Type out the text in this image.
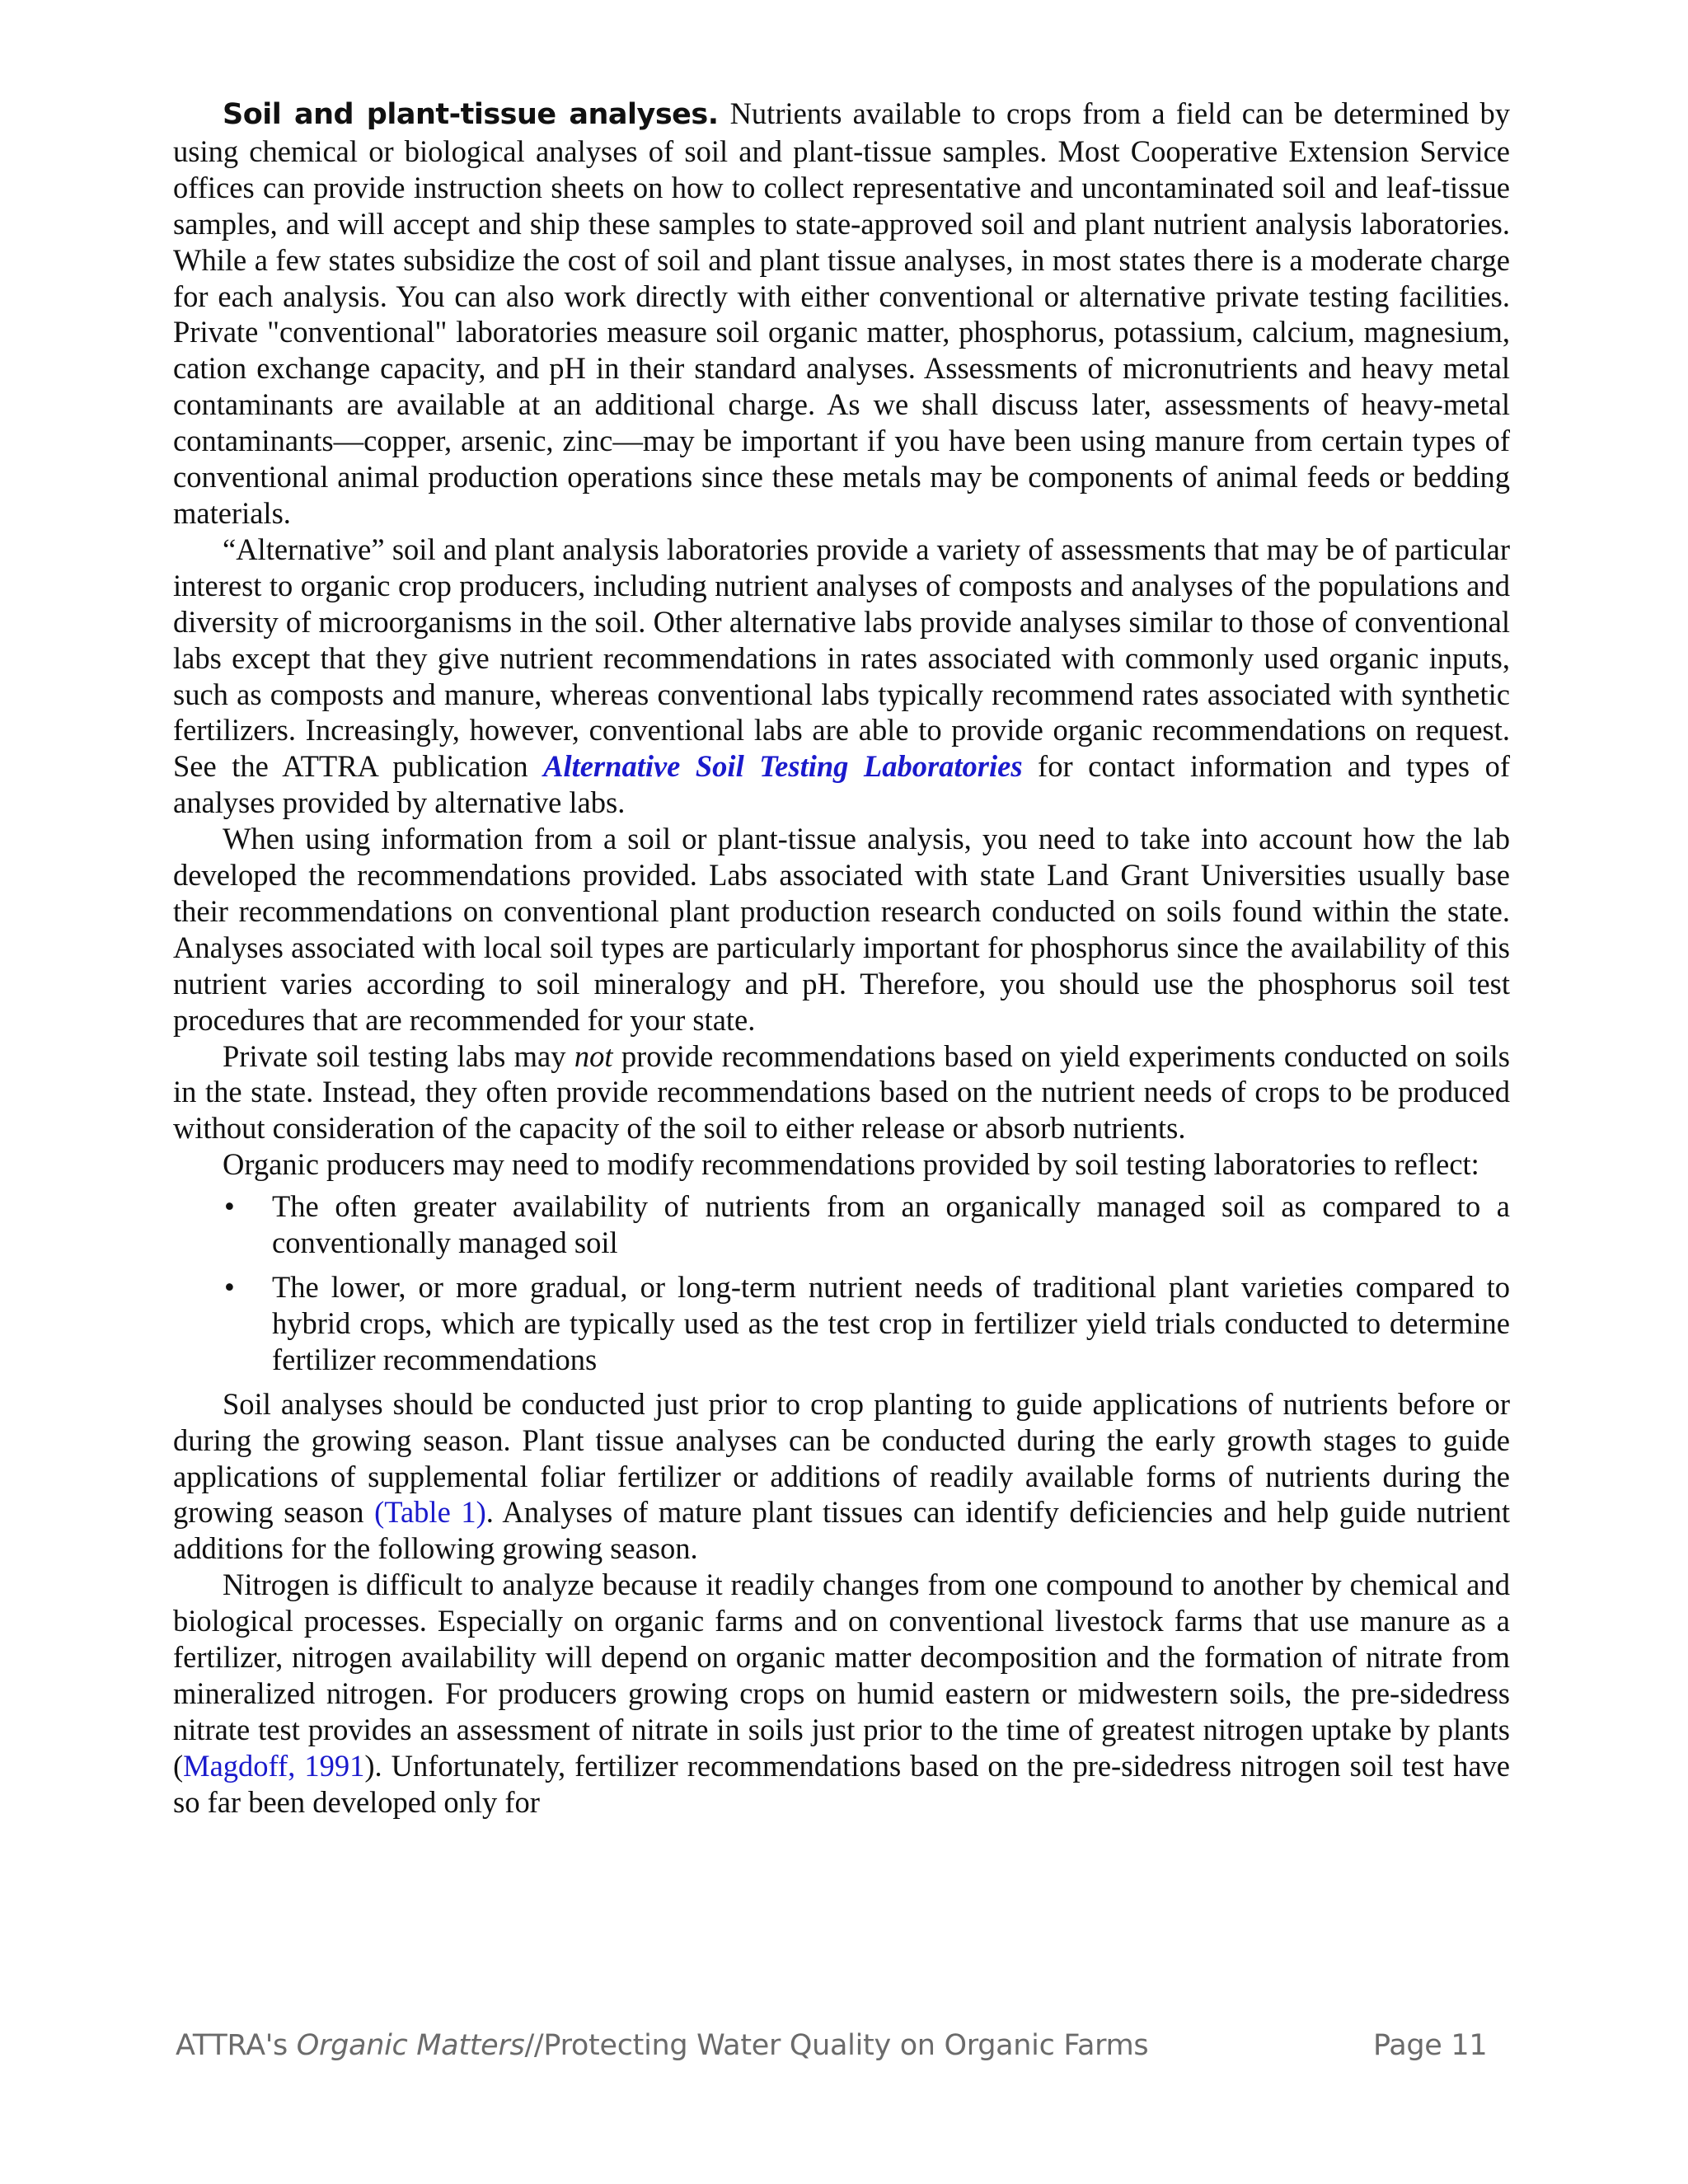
Soil and plant-tissue analyses. Nutrients available to crops from a field can be determined by using chemical or biological analyses of soil and plant-tissue samples. Most Cooperative Extension Service offices can provide instruction sheets on how to collect representative and uncontaminated soil and leaf-tissue samples, and will accept and ship these samples to state-approved soil and plant nutrient analysis laboratories. While a few states subsidize the cost of soil and plant tissue analyses, in most states there is a moderate charge for each analysis. You can also work directly with either conventional or alternative private testing facilities. Private "conventional" laboratories measure soil organic matter, phosphorus, potassium, calcium, magnesium, cation exchange capacity, and pH in their standard analyses. Assessments of micronutrients and heavy metal contaminants are available at an additional charge. As we shall discuss later, assessments of heavy-metal contaminants—copper, arsenic, zinc—may be important if you have been using manure from certain types of conventional animal production operations since these metals may be components of animal feeds or bedding materials.

“Alternative” soil and plant analysis laboratories provide a variety of assessments that may be of particular interest to organic crop producers, including nutrient analyses of composts and analyses of the populations and diversity of microorganisms in the soil. Other alternative labs provide analyses similar to those of conventional labs except that they give nutrient recommendations in rates associated with commonly used organic inputs, such as composts and manure, whereas conventional labs typically recommend rates associated with synthetic fertilizers. Increasingly, however, conventional labs are able to provide organic recommendations on request. See the ATTRA publication Alternative Soil Testing Laboratories for contact information and types of analyses provided by alternative labs.

When using information from a soil or plant-tissue analysis, you need to take into account how the lab developed the recommendations provided. Labs associated with state Land Grant Universities usually base their recommendations on conventional plant production research conducted on soils found within the state. Analyses associated with local soil types are particularly important for phosphorus since the availability of this nutrient varies according to soil mineralogy and pH. Therefore, you should use the phosphorus soil test procedures that are recommended for your state.

Private soil testing labs may not provide recommendations based on yield experiments conducted on soils in the state. Instead, they often provide recommendations based on the nutrient needs of crops to be produced without consideration of the capacity of the soil to either release or absorb nutrients.

Organic producers may need to modify recommendations provided by soil testing laboratories to reflect:

• The often greater availability of nutrients from an organically managed soil as compared to a conventionally managed soil
• The lower, or more gradual, or long-term nutrient needs of traditional plant varieties compared to hybrid crops, which are typically used as the test crop in fertilizer yield trials conducted to determine fertilizer recommendations

Soil analyses should be conducted just prior to crop planting to guide applications of nutrients before or during the growing season. Plant tissue analyses can be conducted during the early growth stages to guide applications of supplemental foliar fertilizer or additions of readily available forms of nutrients during the growing season (Table 1). Analyses of mature plant tissues can identify deficiencies and help guide nutrient additions for the following growing season.

Nitrogen is difficult to analyze because it readily changes from one compound to another by chemical and biological processes. Especially on organic farms and on conventional livestock farms that use manure as a fertilizer, nitrogen availability will depend on organic matter decomposition and the formation of nitrate from mineralized nitrogen. For producers growing crops on humid eastern or midwestern soils, the pre-sidedress nitrate test provides an assessment of nitrate in soils just prior to the time of greatest nitrogen uptake by plants (Magdoff, 1991). Unfortunately, fertilizer recommendations based on the pre-sidedress nitrogen soil test have so far been developed only for

ATTRA's Organic Matters//Protecting Water Quality on Organic Farms	Page 11
